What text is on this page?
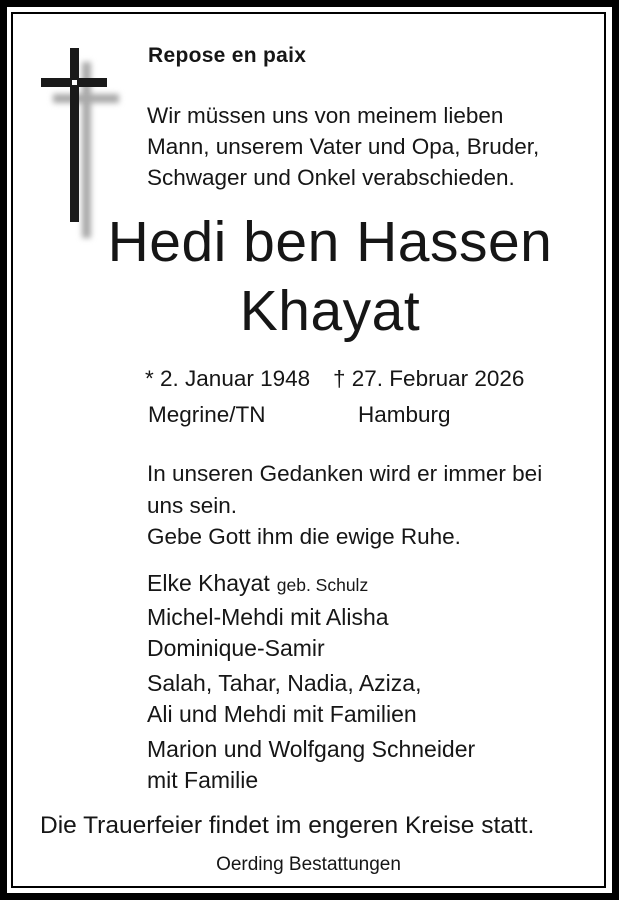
Repose en paix
Wir müssen uns von meinem lieben
Mann, unserem Vater und Opa, Bruder,
Schwager und Onkel verabschieden.
Hedi ben Hassen
Khayat
* 2. Januar 1948 † 27. Februar 2026
Megrine/TN	Hamburg
In unseren Gedanken wird er immer bei
uns sein.
Gebe Gott ihm die ewige Ruhe.
Elke Khayat geb. Schulz
Michel-Mehdi mit Alisha
Dominique-Samir
Salah, Tahar, Nadia, Aziza,
Ali und Mehdi mit Familien
Marion und Wolfgang Schneider
mit Familie
Die Trauerfeier findet im engeren Kreise statt.
Oerding Bestattungen
